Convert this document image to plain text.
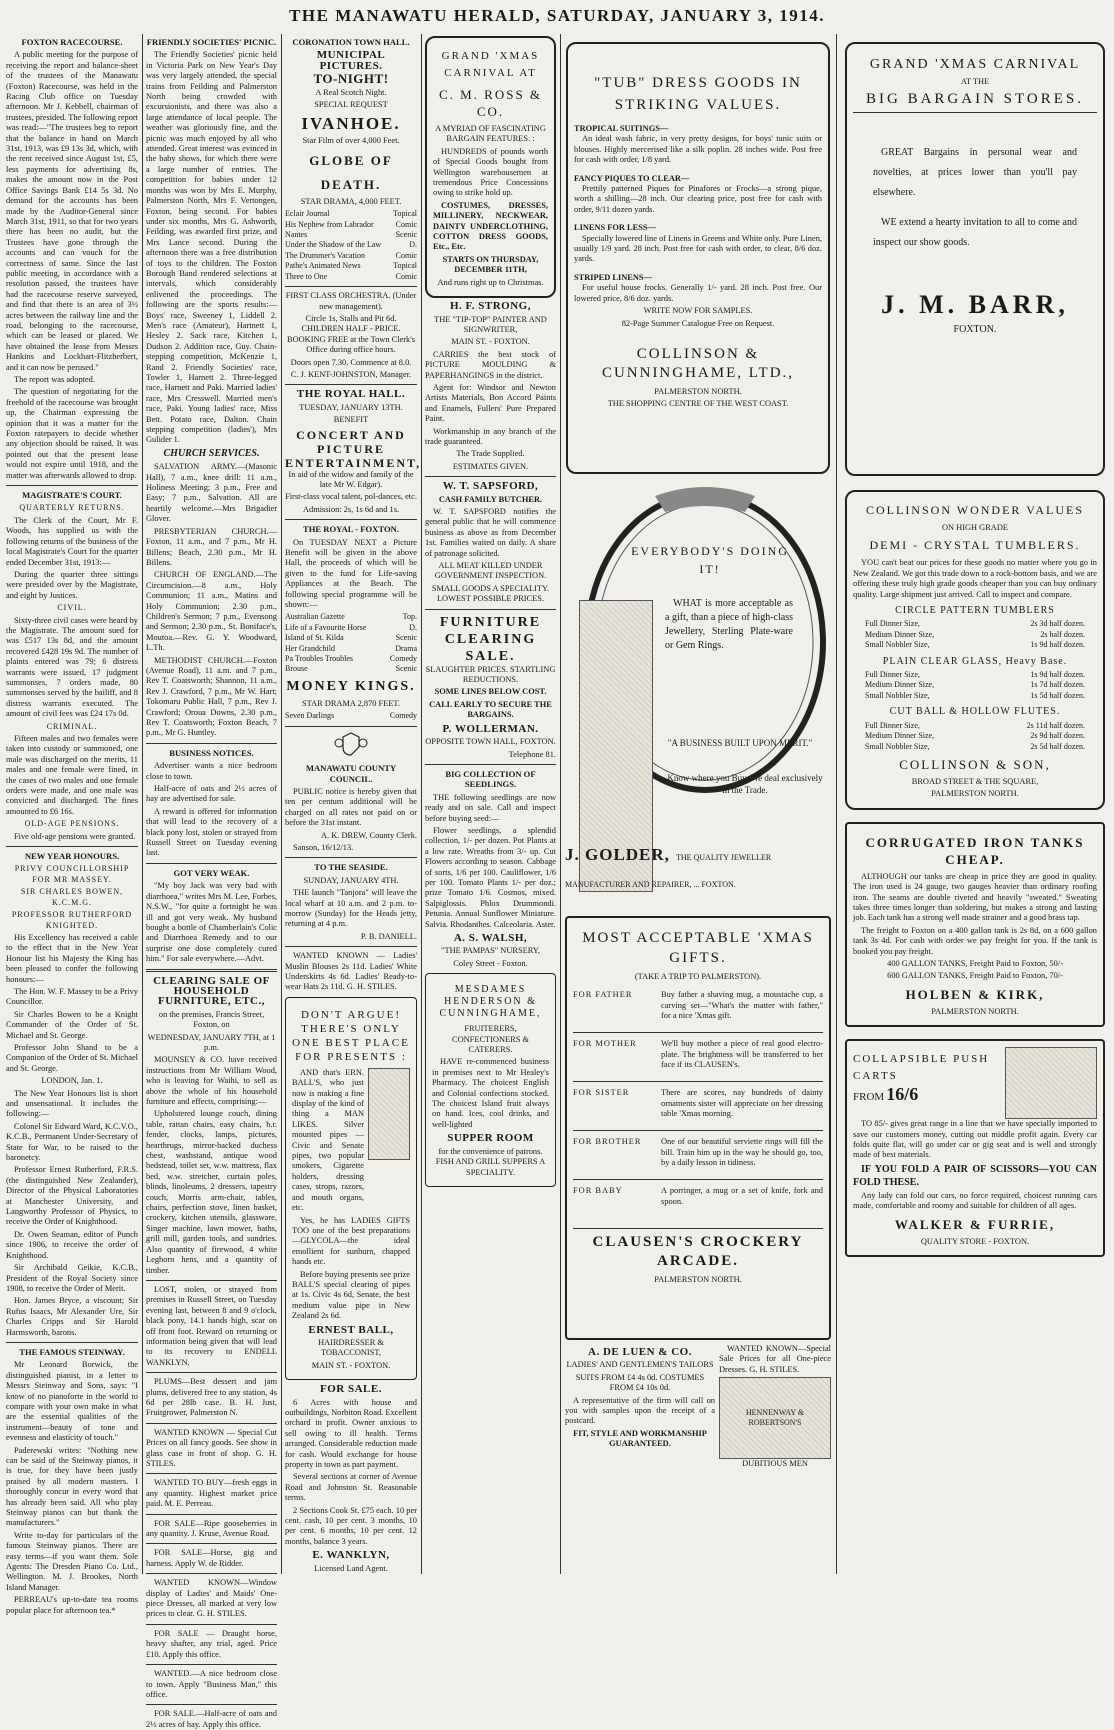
THE MANAWATU HERALD, SATURDAY, JANUARY 3, 1914.
FOXTON RACECOURSE.

A public meeting for the purpose of receiving the report and balance-sheet of the trustees of the Manawatu (Foxton) Racecourse, was held in the Racing Club office on Tuesday afternoon. Mr J. Kebbell, chairman of trustees, presided. The following report was read:—"The trustees beg to report that the balance in hand on March 31st, 1913, was £9 13s 3d, which, with the rent received since August 1st, £5, less payments for advertising 8s, makes the amount now in the Post Office Savings Bank £14 5s 3d. No demand for the accounts has been made by the Auditor-General since March 31st, 1911, so that for two years there has been no audit, but the Trustees have gone through the accounts and can vouch for the correctness of same. Since the last public meeting, in accordance with a resolution passed, the trustees have had the racecourse reserve surveyed, and find that there is an area of 3½ acres between the railway line and the road, belonging to the racecourse, which can be leased or placed. We have obtained the lease from Messrs Hankins and Lockhart-Flitzherbert, and it can now be perused."

The report was adopted.

The question of negotiating for the freehold of the racecourse was brought up, the Chairman expressing the opinion that it was a matter for the Foxton ratepayers to decide whether any objection should be raised. It was pointed out that the present lease would not expire until 1918, and the matter was afterwards allowed to drop.

MAGISTRATE'S COURT.
QUARTERLY RETURNS.

The Clerk of the Court, Mr F. Woods, has supplied us with the following returns of the business of the local Magistrate's Court for the quarter ended December 31st, 1913:—

During the quarter three sittings were presided over by the Magistrate, and eight by Justices.

CIVIL.

Sixty-three civil cases were heard by the Magistrate. The amount sued for was £517 13s 8d, and the amount recovered £428 19s 9d. The number of plaints entered was 79; 6 distress warrants were issued, 17 judgment summonses, 7 orders made, 80 summonses served by the bailiff, and 8 distress warrants executed. The amount of civil fees was £24 17s 0d.

CRIMINAL.

Fifteen males and two females were taken into custody or summoned, one male was discharged on the merits, 11 males and one female were fined, in the cases of two males and one female orders were made, and one male was convicted and discharged. The fines amounted to £6 16s.

OLD-AGE PENSIONS.

Five old-age pensions were granted.

NEW YEAR HONOURS.
PRIVY COUNCILLORSHIP FOR MR MASSEY.
SIR CHARLES BOWEN, K.C.M.G.
PROFESSOR RUTHERFORD KNIGHTED.

His Excellency has received a cable to the effect that in the New Year Honour list his Majesty the King has been pleased to confer the following honours:—

The Hon. W. F. Massey to be a Privy Councillor.

Sir Charles Bowen to be a Knight Commander of the Order of St. Michael and St. George.

Professor John Shand to be a Companion of the Order of St. Michael and St. George.

LONDON, Jan. 1.

The New Year Honours list is short and unsensational. It includes the following:—

Colonel Sir Edward Ward, K.C.V.O., K.C.B., Permanent Under-Secretary of State for War, to be raised to the baronetcy.

Professor Ernest Rutherford, F.R.S. (the distinguished New Zealander), Director of the Physical Laboratories at Manchester University, and Langworthy Professor of Physics, to receive the Order of Knighthood.

Dr. Owen Seaman, editor of Punch since 1906, to receive the order of Knighthood.

Sir Archibald Geikie, K.C.B., President of the Royal Society since 1908, to receive the Order of Merit.

Hon. James Bryce, a viscount; Sir Rufus Isaacs, Mr Alexander Ure, Sir Charles Cripps and Sir Harold Harmsworth, barons.

THE FAMOUS STEINWAY.

Mr Leonard Borwick, the distinguished pianist, in a letter to Messrs Steinway and Sons, says: "I know of no pianoforte in the world to compare with your own make in what are the essential qualities of the instrument—beauty of tone and evenness and elasticity of touch."

Paderewski writes: "Nothing new can be said of the Steinway pianos, it is true, for they have been justly praised by all modern masters. I thoroughly concur in every word that has already been said. All who play Steinway pianos can but thank the manufacturers."

Write to-day for particulars of the famous Steinway pianos. There are easy terms—if you want them. Sole Agents: The Dresden Piano Co. Ltd., Wellington. M. J. Brookes, North Island Manager.

PERREAU's up-to-date tea rooms popular place for afternoon tea.*

FRIENDLY SOCIETIES' PICNIC.

The Friendly Societies' picnic held in Victoria Park on New Year's Day was very largely attended, the special trains from Feilding and Palmerston North being crowded with excursionists, and there was also a large attendance of local people. The weather was gloriously fine, and the picnic was much enjoyed by all who attended. Great interest was evinced in the baby shows, for which there were a large number of entries. The competition for babies under 12 months was won by Mrs E. Murphy, Palmerston North, Mrs F. Vertongen, Foxton, being second. For babies under six months, Mrs G. Ashworth, Feilding, was awarded first prize, and Mrs Lance second. During the afternoon there was a free distribution of toys to the children. The Foxton Borough Band rendered selections at intervals, which considerably enlivened the proceedings. The following are the sports results:—Boys' race, Sweeney 1, Liddell 2. Men's race (Amateur), Hartnett 1, Hesley 2. Sack race, Kitchen 1, Dudson 2. Addition race, Guy. Chain-stepping competition, McKenzie 1, Rand 2. Friendly Societies' race, Towler 1, Harnett 2. Three-legged race, Harnett and Paki. Married ladies' race, Mrs Cresswell. Married men's race, Paki. Young ladies' race, Miss Bett. Potato race, Dalton. Chain stepping competition (ladies'), Mrs Gulider 1.

CHURCH SERVICES.

SALVATION ARMY.—(Masonic Hall), 7 a.m., knee drill: 11 a.m., Holiness Meeting; 3 p.m., Free and Easy; 7 p.m., Salvation. All are heartily welcome.—Mrs Brigadier Glover.

PRESBYTERIAN CHURCH.—Foxton, 11 a.m., and 7 p.m., Mr H. Billens; Beach, 2.30 p.m., Mr H. Billens.

CHURCH OF ENGLAND.—The Circumcision.—8 a.m., Holy Communion; 11 a.m., Matins and Holy Communion; 2.30 p.m., Children's Sermon; 7 p.m., Evensong and Sermon; 2.30 p.m., St. Boniface's, Moutoa.—Rev. G. Y. Woodward, L.Th.

METHODIST CHURCH.—Foxton (Avenue Road), 11 a.m. and 7 p.m., Rev T. Coatsworth; Shannon, 11 a.m., Rev J. Crawford, 7 p.m., Mr W. Hart; Tokomaru Public Hall, 7 p.m., Rev J. Crawford; Oroua Downs, 2.30 p.m., Rev T. Coatsworth; Foxton Beach, 7 p.m., Mr G. Huntley.

BUSINESS NOTICES.

Advertiser wants a nice bedroom close to town.

Half-acre of oats and 2½ acres of hay are advertised for sale.

A reward is offered for information that will lead to the recovery of a black pony lost, stolen or strayed from Russell Street on Tuesday evening last.

GOT VERY WEAK.

"My boy Jack was very bad with diarrhoea," writes Mrs M. Lee, Forbes, N.S.W., "for quite a fortnight he was ill and got very weak. My husband bought a bottle of Chamberlain's Colic and Diarrhoea Remedy and to our surprise one dose completely cured him." For sale everywhere.—Advt.

CLEARING SALE OF HOUSEHOLD FURNITURE, ETC.,

on the premises, Francis Street, Foxton, on

WEDNESDAY, JANUARY 7TH, at 1 p.m.

MOUNSEY & CO. have received instructions from Mr William Wood, who is leaving for Waihi, to sell as above the whole of his household furniture and effects, comprising:—

Upholstered lounge couch, dining table, rattan chairs, easy chairs, b.r. fender, clocks, lamps, pictures, hearthrugs, mirror-backed duchess chest, washstand, antique wood bedstead, toilet set, w.w. mattress, flax bed, w.w. stretcher, curtain poles, blinds, linoleums, 2 dressers, tapestry couch, Morris arm-chair, tables, chairs, perfection stove, linen basket, crockery, kitchen utensils, glassware, Singer machine, lawn mower, baths, grill mill, garden tools, and sundries. Also quantity of firewood, 4 white Leghorn hens, and a quantity of timber.

LOST, stolen, or strayed from premises in Russell Street, on Tuesday evening last, between 8 and 9 o'clock, black pony, 14.1 hands high, scar on off front foot. Reward on returning or information being given that will lead to its recovery to ENDELL WANKLYN.

PLUMS—Best dessert and jam plums, delivered free to any station, 4s 6d per 28lb case. B. H. Just, Fruitgrower, Palmerston N.

WANTED KNOWN — Special Cut Prices on all fancy goods. See show in glass case in front of shop. G. H. STILES.

WANTED TO BUY—fresh eggs in any quantity. Highest market price paid. M. E. Perreau.

FOR SALE—Ripe gooseberries in any quantity. J. Kruse, Avenue Road.

FOR SALE—Horse, gig and harness. Apply W. de Ridder.

WANTED KNOWN—Window display of Ladies' and Maids' One-piece Dresses, all marked at very low prices to clear. G. H. STILES.

FOR SALE — Draught horse, heavy shafter, any trial, aged. Price £10. Apply this office.

WANTED.—A nice bedroom close to town. Apply "Business Man," this office.

FOR SALE.—Half-acre of oats and 2½ acres of hay. Apply this office.

CORONATION TOWN HALL.
MUNICIPAL PICTURES.
TO-NIGHT!

A Real Scotch Night.

SPECIAL REQUEST

IVANHOE.

Star Film of over 4,000 Feet.

GLOBE OF DEATH.

STAR DRAMA, 4,000 FEET.

Eclair Journal	Topical
His Nephew from Labrador	Comic
Nantes	Scenic
Under the Shadow of the Law	D.
The Drummer's Vacation	Comic
Pathe's Animated News	Topical
Three to One	Comic

FIRST CLASS ORCHESTRA. (Under new management).

Circle 1s, Stalls and Pit 6d. CHILDREN HALF - PRICE. BOOKING FREE at the Town Clerk's Office during office hours.

Doors open 7.30. Commence at 8.0.

C. J. KENT-JOHNSTON, Manager.

THE ROYAL HALL.

TUESDAY, JANUARY 13TH.

BENEFIT

CONCERT AND PICTURE ENTERTAINMENT,

In aid of the widow and family of the late Mr W. Edgar).

First-class vocal talent, pol-dances, etc.

Admission: 2s, 1s 6d and 1s.

THE ROYAL - FOXTON.

On TUESDAY NEXT a Picture Benefit will be given in the above Hall, the proceeds of which will be given to the fund for Life-saving Appliances at the Beach. The following special programme will be shown:—

Australian Gazette	Top.
Life of a Favourite Horse	D.
Island of St. Kilda	Scenic
Her Grandchild	Drama
Pa Troubles Troubles	Comedy
Brouse	Scenic
MONEY KINGS.

STAR DRAMA 2,870 FEET.

Seven Darlings	Comedy
MANAWATU COUNTY COUNCIL.

PUBLIC notice is hereby given that ten per centum additional will be charged on all rates not paid on or before the 31st instant.

A. K. DREW, County Clerk.

Sanson, 16/12/13.

TO THE SEASIDE.

SUNDAY, JANUARY 4TH.

THE launch "Tanjora" will leave the local wharf at 10 a.m. and 2 p.m. to-morrow (Sunday) for the Heads jetty, returning at 4 p.m.

P. B. DANIELL.

WANTED KNOWN — Ladies' Muslin Blouses 2s 11d. Ladies' White Underskirts 4s 6d. Ladies' Ready-to-wear Hats 2s 11d. G. H. STILES.

DON'T ARGUE! THERE'S ONLY ONE BEST PLACE FOR PRESENTS :

AND that's ERN. BALL'S, who just now is making a fine display of the kind of thing a MAN LIKES. Silver mounted pipes — Civic and Senate pipes, two popular smokers, Cigarette holders, dressing cases, strops, razors, and mouth organs, etc.

Yes, he has LADIES GIFTS TOO one of the best preparations—GLYCOLA—the ideal emollient for sunburn, chapped hands etc.

Before buying presents see prize BALL'S special clearing of pipes at 1s. Civic 4s 6d, Senate, the best medium value pipe in New Zealand 2s 6d.

ERNEST BALL,

HAIRDRESSER & TOBACCONIST,

MAIN ST. - FOXTON.

FOR SALE.

6 Acres with house and outbuildings, Norbiton Road. Excellent orchard in profit. Owner anxious to sell owing to ill health. Terms arranged. Considerable reduction made for cash. Would exchange for house property in town as part payment.

Several sections at corner of Avenue Road and Johnston St. Reasonable terms.

2 Sections Cook St. £75 each. 10 per cent. cash, 10 per cent. 3 months, 10 per cent. 6 months, 10 per cent. 12 months, balance 3 years.

E. WANKLYN,

Licensed Land Agent.

GRAND 'XMAS CARNIVAL AT
C. M. ROSS & CO.

A MYRIAD OF FASCINATING BARGAIN FEATURES. :

HUNDREDS of pounds worth of Special Goods bought from Wellington warehousemen at tremendous Price Concessions owing to strike hold up.

COSTUMES, DRESSES, MILLINERY, NECKWEAR, DAINTY UNDERCLOTHING, COTTON DRESS GOODS, Etc., Etc.

STARTS ON THURSDAY, DECEMBER 11TH,

And runs right up to Christmas.

H. F. STRONG,

THE "TIP-TOP" PAINTER AND SIGNWRITER,

MAIN ST. - FOXTON.

CARRIES the best stock of PICTURE MOULDING & PAPERHANGINGS in the district.

Agent for: Windsor and Newton Artists Materials, Bon Accord Paints and Enamels, Fullers' Pure Prepared Paint.

Workmanship in any branch of the trade guaranteed.

The Trade Supplied.

ESTIMATES GIVEN.

W. T. SAPSFORD,

CASH FAMILY BUTCHER.

W. T. SAPSFORD notifies the general public that he will commence business as above as from December 1st. Families waited on daily. A share of patronage solicited.

ALL MEAT KILLED UNDER GOVERNMENT INSPECTION.

SMALL GOODS A SPECIALITY. LOWEST POSSIBLE PRICES.

FURNITURE CLEARING SALE.

SLAUGHTER PRICES. STARTLING REDUCTIONS.

SOME LINES BELOW COST.

CALL EARLY TO SECURE THE BARGAINS.

P. WOLLERMAN.

OPPOSITE TOWN HALL, FOXTON.

Telephone 81.

BIG COLLECTION OF SEEDLINGS.

THE following seedlings are now ready and on sale. Call and inspect before buying seed:—

Flower seedlings, a splendid collection, 1/- per dozen. Pot Plants at a low rate. Wreaths from 3/- up. Cut Flowers according to season. Cabbage of sorts, 1/6 per 100. Cauliflower, 1/6 per 100. Tomato Plants 1/- per doz.; prize Tomato 1/6. Cosmos, mixed. Salpiglossis. Phlox Drummondi. Petunia. Annual Sunflower Miniature. Salvia. Rhodanthes. Calceolaria. Aster.

A. S. WALSH,

"THE PAMPAS" NURSERY,

Coley Street - Foxton.

MESDAMES HENDERSON & CUNNINGHAME,

FRUITERERS, CONFECTIONERS & CATERERS.

HAVE re-commenced business in premises next to Mr Healey's Pharmacy. The choicest English and Colonial confections stocked. The choicest Island fruit always on hand. Ices, cool drinks, and well-lighted

SUPPER ROOM

for the convenience of patrons. FISH AND GRILL SUPPERS A SPECIALITY.

"TUB" DRESS GOODS IN STRIKING VALUES.
TROPICAL SUITINGS—

An ideal wash fabric, in very pretty designs, for boys' tunic suits or blouses. Highly mercerised like a silk poplin. 28 inches wide. Post free for cash with order, 1/8 yard.

FANCY PIQUES TO CLEAR—

Prettily patterned Piques for Pinafores or Frocks—a strong pique, worth a shilling—28 inch. Our clearing price, post free for cash with order, 9/11 dozen yards.

LINENS FOR LESS—

Specially lowered line of Linens in Greens and White only. Pure Linen, usually 1/9 yard. 28 inch. Post free for cash with order, to clear, 8/6 doz. yards.

STRIPED LINENS—

For useful house frocks. Generally 1/- yard. 28 inch. Post free. Our lowered price, 8/6 doz. yards.

WRITE NOW FOR SAMPLES.

82-Page Summer Catalogue Free on Request.

COLLINSON & CUNNINGHAME, LTD.,

PALMERSTON NORTH.

THE SHOPPING CENTRE OF THE WEST COAST.

EVERYBODY'S DOING IT!

WHAT is more acceptable as a gift, than a piece of high-class Jewellery, Sterling Plate-ware or Gem Rings.

"A BUSINESS BUILT UPON MERIT."

Know where you Buy. We deal exclusively in the Trade.

J. GOLDER, THE QUALITY JEWELLER

MANUFACTURER AND REPAIRER, ... FOXTON.

MOST ACCEPTABLE 'XMAS GIFTS.

(TAKE A TRIP TO PALMERSTON).

FOR FATHER	Buy father a shaving mug, a moustache cup, a carving set—"What's the matter with father," for a nice 'Xmas gift.
FOR MOTHER	We'll buy mother a piece of real good electro-plate. The brightness will be transferred to her face if its CLAUSEN's.
FOR SISTER	There are scores, nay hundreds of dainty ornaments sister will appreciate on her dressing table 'Xmas morning.
FOR BROTHER	One of our beautiful serviette rings will fill the bill. Train him up in the way he should go, too, by a daily lesson in tidiness.
FOR BABY	A porringer, a mug or a set of knife, fork and spoon.
CLAUSEN'S CROCKERY ARCADE.

PALMERSTON NORTH.

A. DE LUEN & CO.

LADIES' AND GENTLEMEN'S TAILORS

SUITS FROM £4 4s 0d. COSTUMES FROM £4 10s 0d.

A representative of the firm will call on you with samples upon the receipt of a postcard.

FIT, STYLE AND WORKMANSHIP GUARANTEED.

WANTED KNOWN—Special Sale Prices for all One-piece Dresses. G. H. STILES.

HENNENWAY & ROBERTSON'S

DUBITIOUS MEN

GRAND 'XMAS CARNIVAL

AT THE

BIG BARGAIN STORES.

GREAT Bargains in personal wear and novelties, at prices lower than you'll pay elsewhere.

WE extend a hearty invitation to all to come and inspect our show goods.

J. M. BARR,

FOXTON.

COLLINSON WONDER VALUES

ON HIGH GRADE

DEMI - CRYSTAL TUMBLERS.

YOU can't beat our prices for these goods no matter where you go in New Zealand. We got this trade down to a rock-bottom basis, and we are offering these truly high grade goods cheaper than you can buy ordinary quality. Large shipment just arrived. Call to inspect and compare.

CIRCLE PATTERN TUMBLERS
Full Dinner Size,	2s 3d half dozen.
Medium Dinner Size,	2s half dozen.
Small Nobbler Size,	1s 9d half dozen.
PLAIN CLEAR GLASS, Heavy Base.
Full Dinner Size,	1s 9d half dozen.
Medium Dinner Size,	1s 7d half dozen.
Small Nobbler Size,	1s 5d half dozen.
CUT BALL & HOLLOW FLUTES.
Full Dinner Size,	2s 11d half dozen.
Medium Dinner Size,	2s 9d half dozen.
Small Nobbler Size,	2s 5d half dozen.
COLLINSON & SON,

BROAD STREET & THE SQUARE,

PALMERSTON NORTH.

CORRUGATED IRON TANKS CHEAP.

ALTHOUGH our tanks are cheap in price they are good in quality. The iron used is 24 gauge, two gauges heavier than ordinary roofing iron. The seams are double riveted and heavily "sweated." Sweating takes three times longer than soldering, but makes a strong and lasting job. Each tank has a strong well made strainer and a good brass tap.

The freight to Foxton on a 400 gallon tank is 2s 8d, on a 600 gallon tank 3s 4d. For cash with order we pay freight for you. If the tank is booked you pay freight.

400 GALLON TANKS, Freight Paid to Foxton, 50/-

600 GALLON TANKS, Freight Paid to Foxton, 70/-

HOLBEN & KIRK,

PALMERSTON NORTH.

COLLAPSIBLE PUSH CARTS
FROM 16/6

TO 85/- gives great range in a line that we have specially imported to save our customers money, cutting out middle profit again. Every car folds quite flat, will go under car or gig seat and is well and strongly made of best materials.

IF YOU FOLD A PAIR OF SCISSORS—YOU CAN FOLD THESE.

Any lady can fold our cars, no force required, choicest running cars made, comfortable and roomy and suitable for children of all ages.

WALKER & FURRIE,

QUALITY STORE - FOXTON.
